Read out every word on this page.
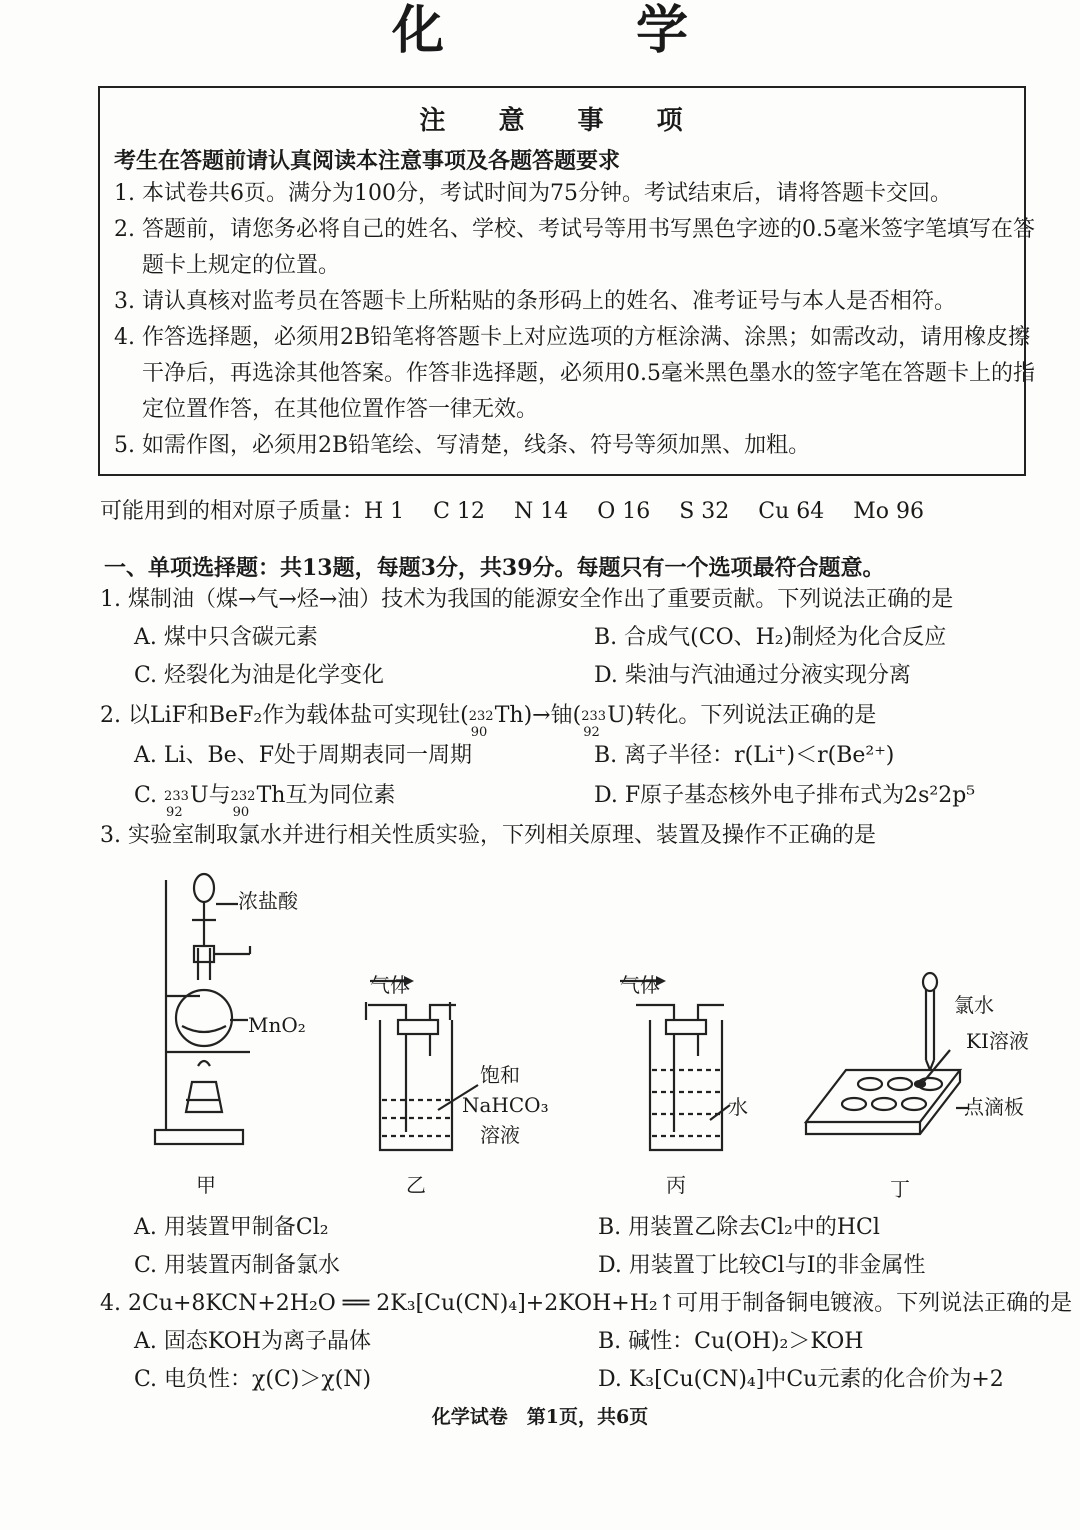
化　学
注 意 事 项
考生在答题前请认真阅读本注意事项及各题答题要求
1. 本试卷共6页。满分为100分，考试时间为75分钟。考试结束后，请将答题卡交回。
2. 答题前，请您务必将自己的姓名、学校、考试号等用书写黑色字迹的0.5毫米签字笔填写在答
题卡上规定的位置。
3. 请认真核对监考员在答题卡上所粘贴的条形码上的姓名、准考证号与本人是否相符。
4. 作答选择题，必须用2B铅笔将答题卡上对应选项的方框涂满、涂黑；如需改动，请用橡皮擦
干净后，再选涂其他答案。作答非选择题，必须用0.5毫米黑色墨水的签字笔在答题卡上的指
定位置作答，在其他位置作答一律无效。
5. 如需作图，必须用2B铅笔绘、写清楚，线条、符号等须加黑、加粗。
可能用到的相对原子质量：H 1　 C 12　 N 14　 O 16　 S 32　 Cu 64　 Mo 96
一、单项选择题：共13题，每题3分，共39分。每题只有一个选项最符合题意。
1. 煤制油（煤→气→烃→油）技术为我国的能源安全作出了重要贡献。下列说法正确的是
A. 煤中只含碳元素	B. 合成气(CO、H₂)制烃为化合反应
C. 烃裂化为油是化学变化	D. 柴油与汽油通过分液实现分离
2. 以LiF和BeF₂作为载体盐可实现钍( 232
90
Th)→铀( 233
92
U)转化。下列说法正确的是
A. Li、Be、F处于周期表同一周期	B. 离子半径：r(Li⁺)＜r(Be²⁺)
C. 233
92
U与 232
90
Th互为同位素	D. F原子基态核外电子排布式为2s²2p⁵
3. 实验室制取氯水并进行相关性质实验，下列相关原理、装置及操作不正确的是
浓盐酸
MnO₂
气体
饱和
NaHCO₃
溶液
气体
水
氯水
KI溶液
点滴板
甲	乙	丙	丁
A. 用装置甲制备Cl₂	B. 用装置乙除去Cl₂中的HCl
C. 用装置丙制备氯水	D. 用装置丁比较Cl与I的非金属性
4. 2Cu+8KCN+2H₂O ══ 2K₃[Cu(CN)₄]+2KOH+H₂↑可用于制备铜电镀液。下列说法正确的是
A. 固态KOH为离子晶体	B. 碱性：Cu(OH)₂＞KOH
C. 电负性：χ(C)＞χ(N)	D. K₃[Cu(CN)₄]中Cu元素的化合价为+2
化学试卷　第1页，共6页
